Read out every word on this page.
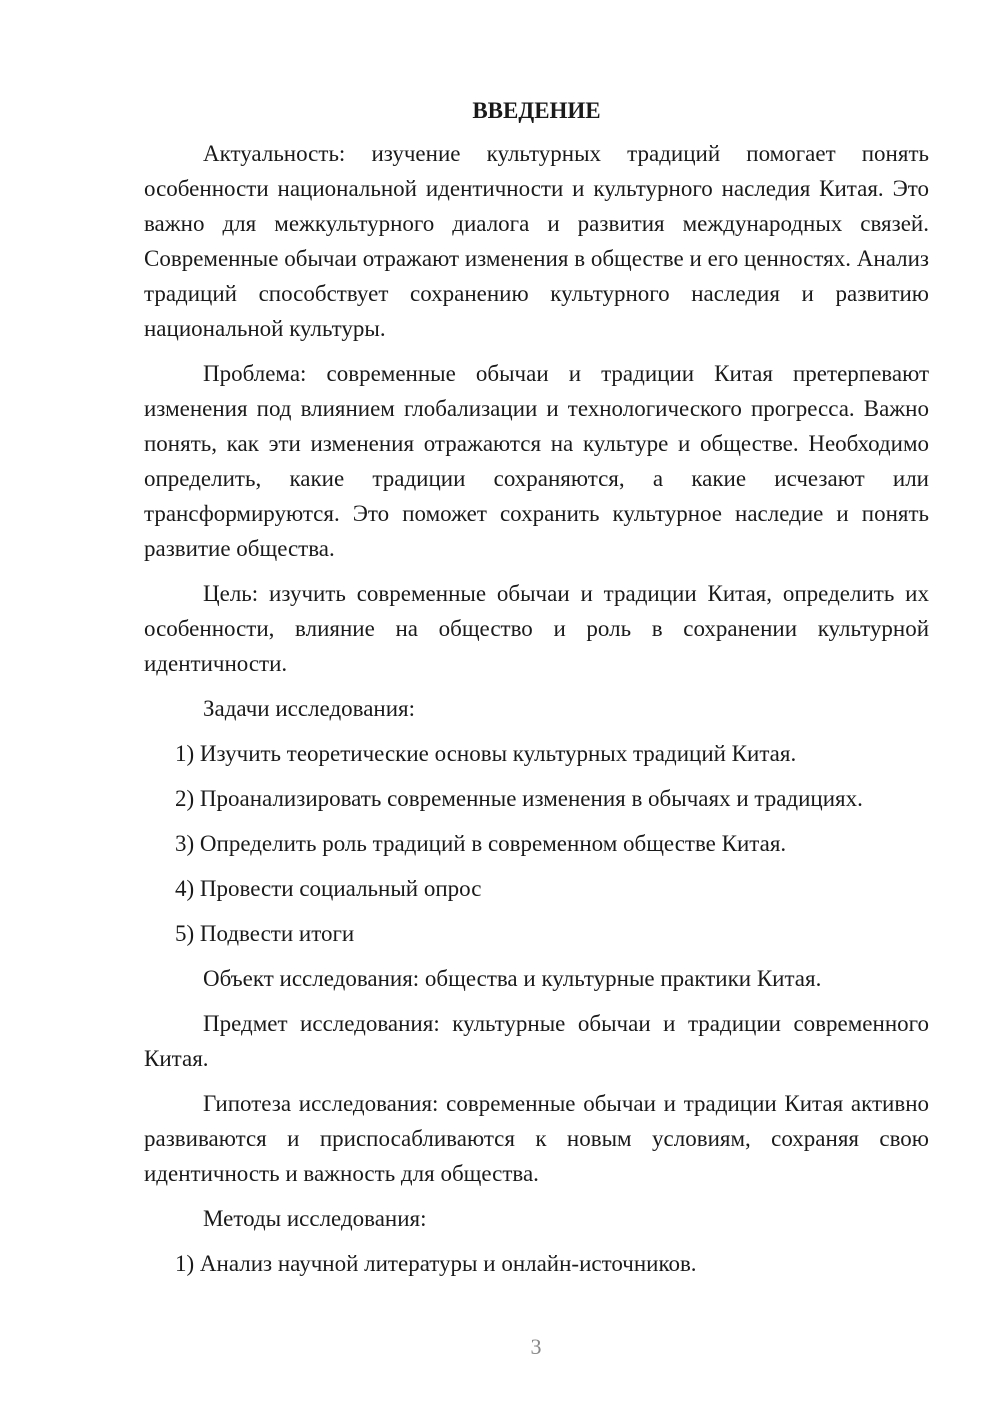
ВВЕДЕНИЕ

Актуальность: изучение культурных традиций помогает понять особенности национальной идентичности и культурного наследия Китая. Это важно для межкультурного диалога и развития международных связей. Современные обычаи отражают изменения в обществе и его ценностях. Анализ традиций способствует сохранению культурного наследия и развитию национальной культуры.

Проблема: современные обычаи и традиции Китая претерпевают изменения под влиянием глобализации и технологического прогресса. Важно понять, как эти изменения отражаются на культуре и обществе. Необходимо определить, какие традиции сохраняются, а какие исчезают или трансформируются. Это поможет сохранить культурное наследие и понять развитие общества.

Цель: изучить современные обычаи и традиции Китая, определить их особенности, влияние на общество и роль в сохранении культурной идентичности.

Задачи исследования:

1) Изучить теоретические основы культурных традиций Китая.

2) Проанализировать современные изменения в обычаях и традициях.

3) Определить роль традиций в современном обществе Китая.

4) Провести социальный опрос

5) Подвести итоги

Объект исследования: общества и культурные практики Китая.

Предмет исследования: культурные обычаи и традиции современного Китая.

Гипотеза исследования: современные обычаи и традиции Китая активно развиваются и приспосабливаются к новым условиям, сохраняя свою идентичность и важность для общества.

Методы исследования:

1) Анализ научной литературы и онлайн-источников.

3
